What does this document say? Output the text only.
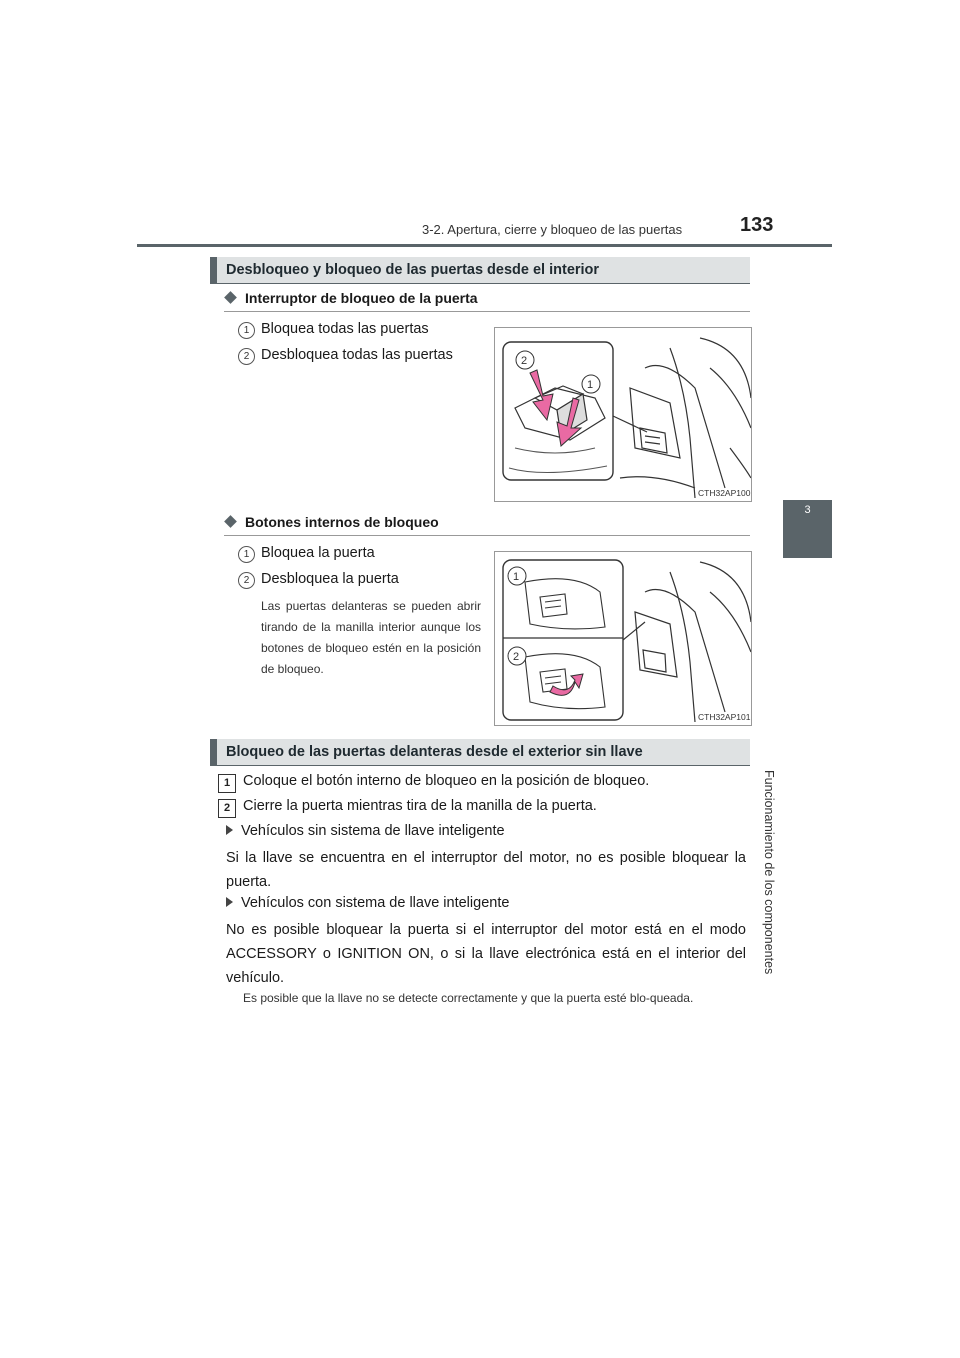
3-2. Apertura, cierre y bloqueo de las puertas	133
3
Funcionamiento de los componentes
Desbloqueo y bloqueo de las puertas desde el interior
Interruptor de bloqueo de la puerta
1 Bloquea todas las puertas
2 Desbloquea todas las puertas	2
1
CTH32AP100
Botones internos de bloqueo
1 Bloquea la puerta
2 Desbloquea la puerta
Las puertas delanteras se pueden abrir tirando de la manilla interior aunque los botones de bloqueo estén en la posición de bloqueo.
1
2
CTH32AP101
Bloqueo de las puertas delanteras desde el exterior sin llave
1 Coloque el botón interno de bloqueo en la posición de bloqueo.
2 Cierre la puerta mientras tira de la manilla de la puerta.
Vehículos sin sistema de llave inteligente
Si la llave se encuentra en el interruptor del motor, no es posible bloquear la puerta.
Vehículos con sistema de llave inteligente
No es posible bloquear la puerta si el interruptor del motor está en el modo ACCESSORY o IGNITION ON, o si la llave electrónica está en el interior del vehículo.
Es posible que la llave no se detecte correctamente y que la puerta esté blo-queada.
